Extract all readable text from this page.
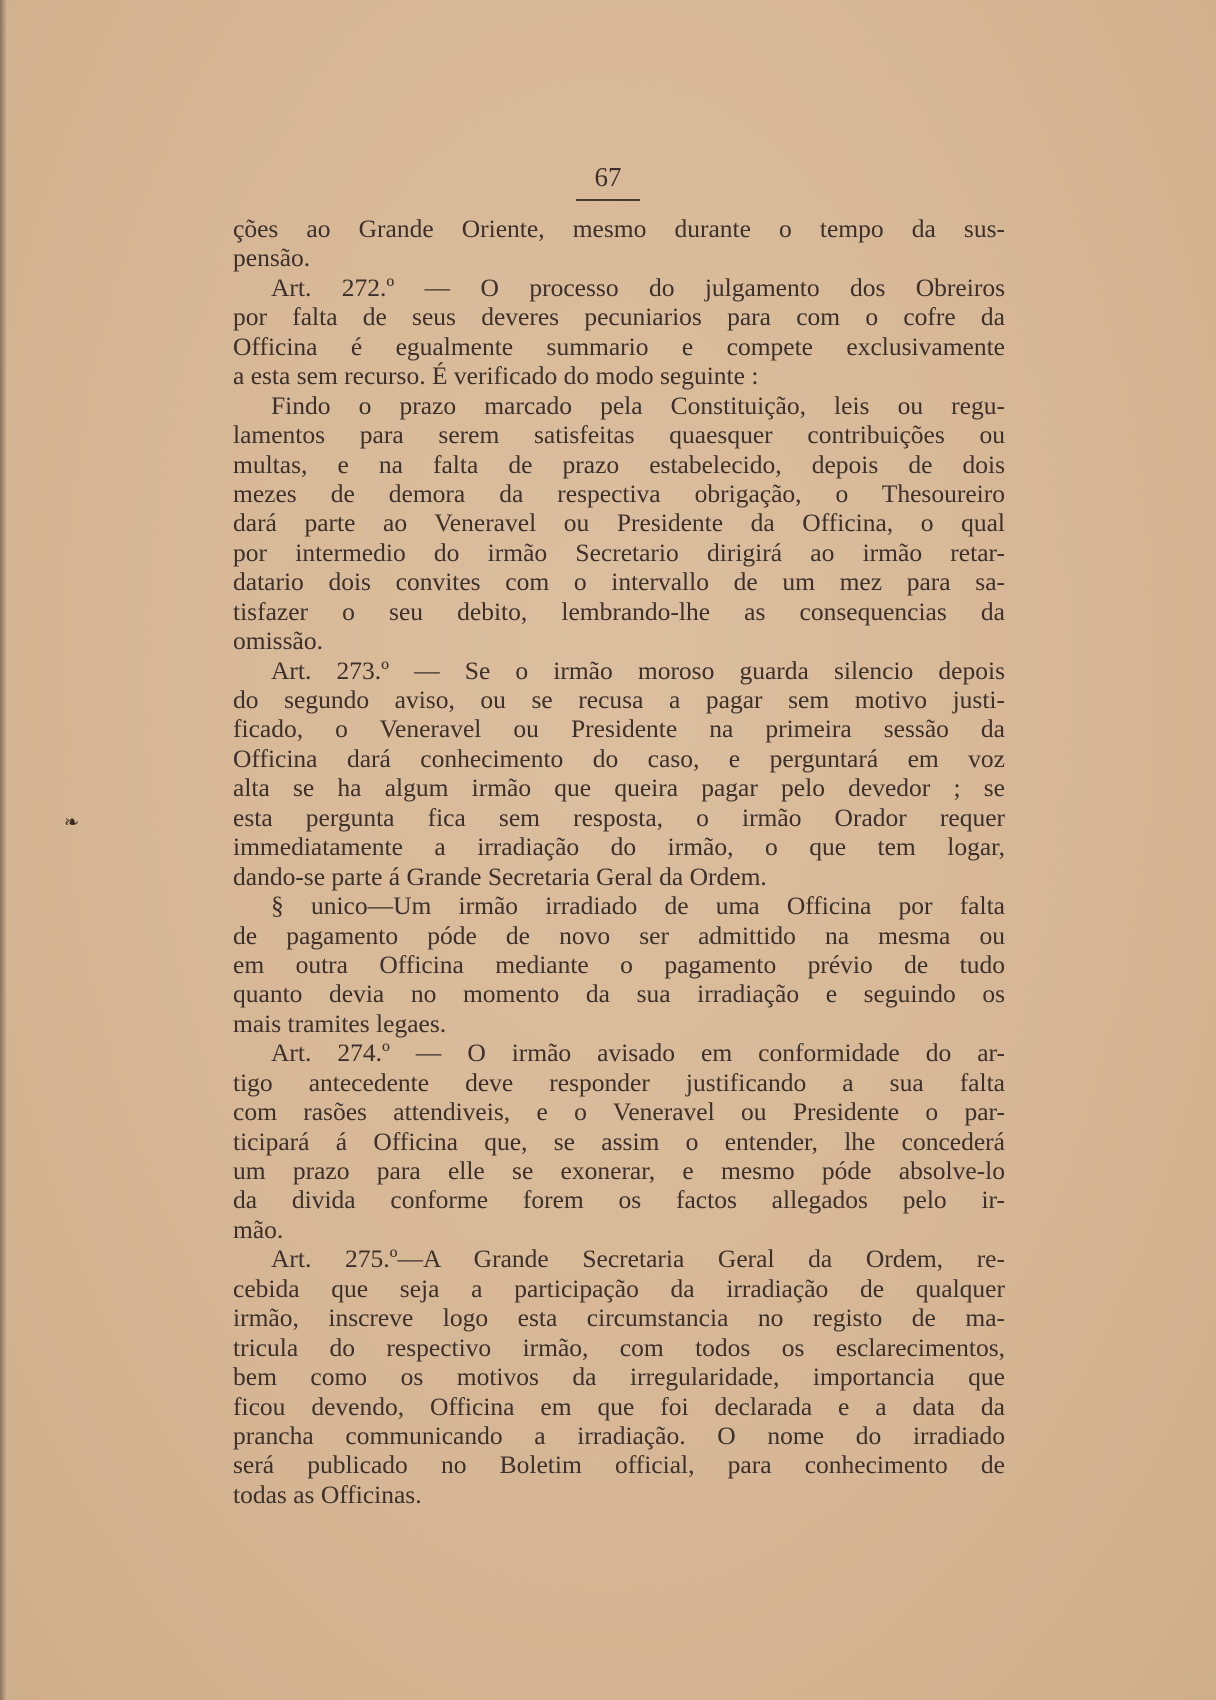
67
❧
ções ao Grande Oriente, mesmo durante o tempo da sus-
pensão.
Art. 272.º — O processo do julgamento dos Obreiros
por falta de seus deveres pecuniarios para com o cofre da
Officina é egualmente summario e compete exclusivamente
a esta sem recurso. É verificado do modo seguinte :
Findo o prazo marcado pela Constituição, leis ou regu-
lamentos para serem satisfeitas quaesquer contribuições ou
multas, e na falta de prazo estabelecido, depois de dois
mezes de demora da respectiva obrigação, o Thesoureiro
dará parte ao Veneravel ou Presidente da Officina, o qual
por intermedio do irmão Secretario dirigirá ao irmão retar-
datario dois convites com o intervallo de um mez para sa-
tisfazer o seu debito, lembrando-lhe as consequencias da
omissão.
Art. 273.º — Se o irmão moroso guarda silencio depois
do segundo aviso, ou se recusa a pagar sem motivo justi-
ficado, o Veneravel ou Presidente na primeira sessão da
Officina dará conhecimento do caso, e perguntará em voz
alta se ha algum irmão que queira pagar pelo devedor ; se
esta pergunta fica sem resposta, o irmão Orador requer
immediatamente a irradiação do irmão, o que tem logar,
dando-se parte á Grande Secretaria Geral da Ordem.
§ unico—Um irmão irradiado de uma Officina por falta
de pagamento póde de novo ser admittido na mesma ou
em outra Officina mediante o pagamento prévio de tudo
quanto devia no momento da sua irradiação e seguindo os
mais tramites legaes.
Art. 274.º — O irmão avisado em conformidade do ar-
tigo antecedente deve responder justificando a sua falta
com rasões attendiveis, e o Veneravel ou Presidente o par-
ticipará á Officina que, se assim o entender, lhe concederá
um prazo para elle se exonerar, e mesmo póde absolve-lo
da divida conforme forem os factos allegados pelo ir-
mão.
Art. 275.º—A Grande Secretaria Geral da Ordem, re-
cebida que seja a participação da irradiação de qualquer
irmão, inscreve logo esta circumstancia no registo de ma-
tricula do respectivo irmão, com todos os esclarecimentos,
bem como os motivos da irregularidade, importancia que
ficou devendo, Officina em que foi declarada e a data da
prancha communicando a irradiação. O nome do irradiado
será publicado no Boletim official, para conhecimento de
todas as Officinas.
